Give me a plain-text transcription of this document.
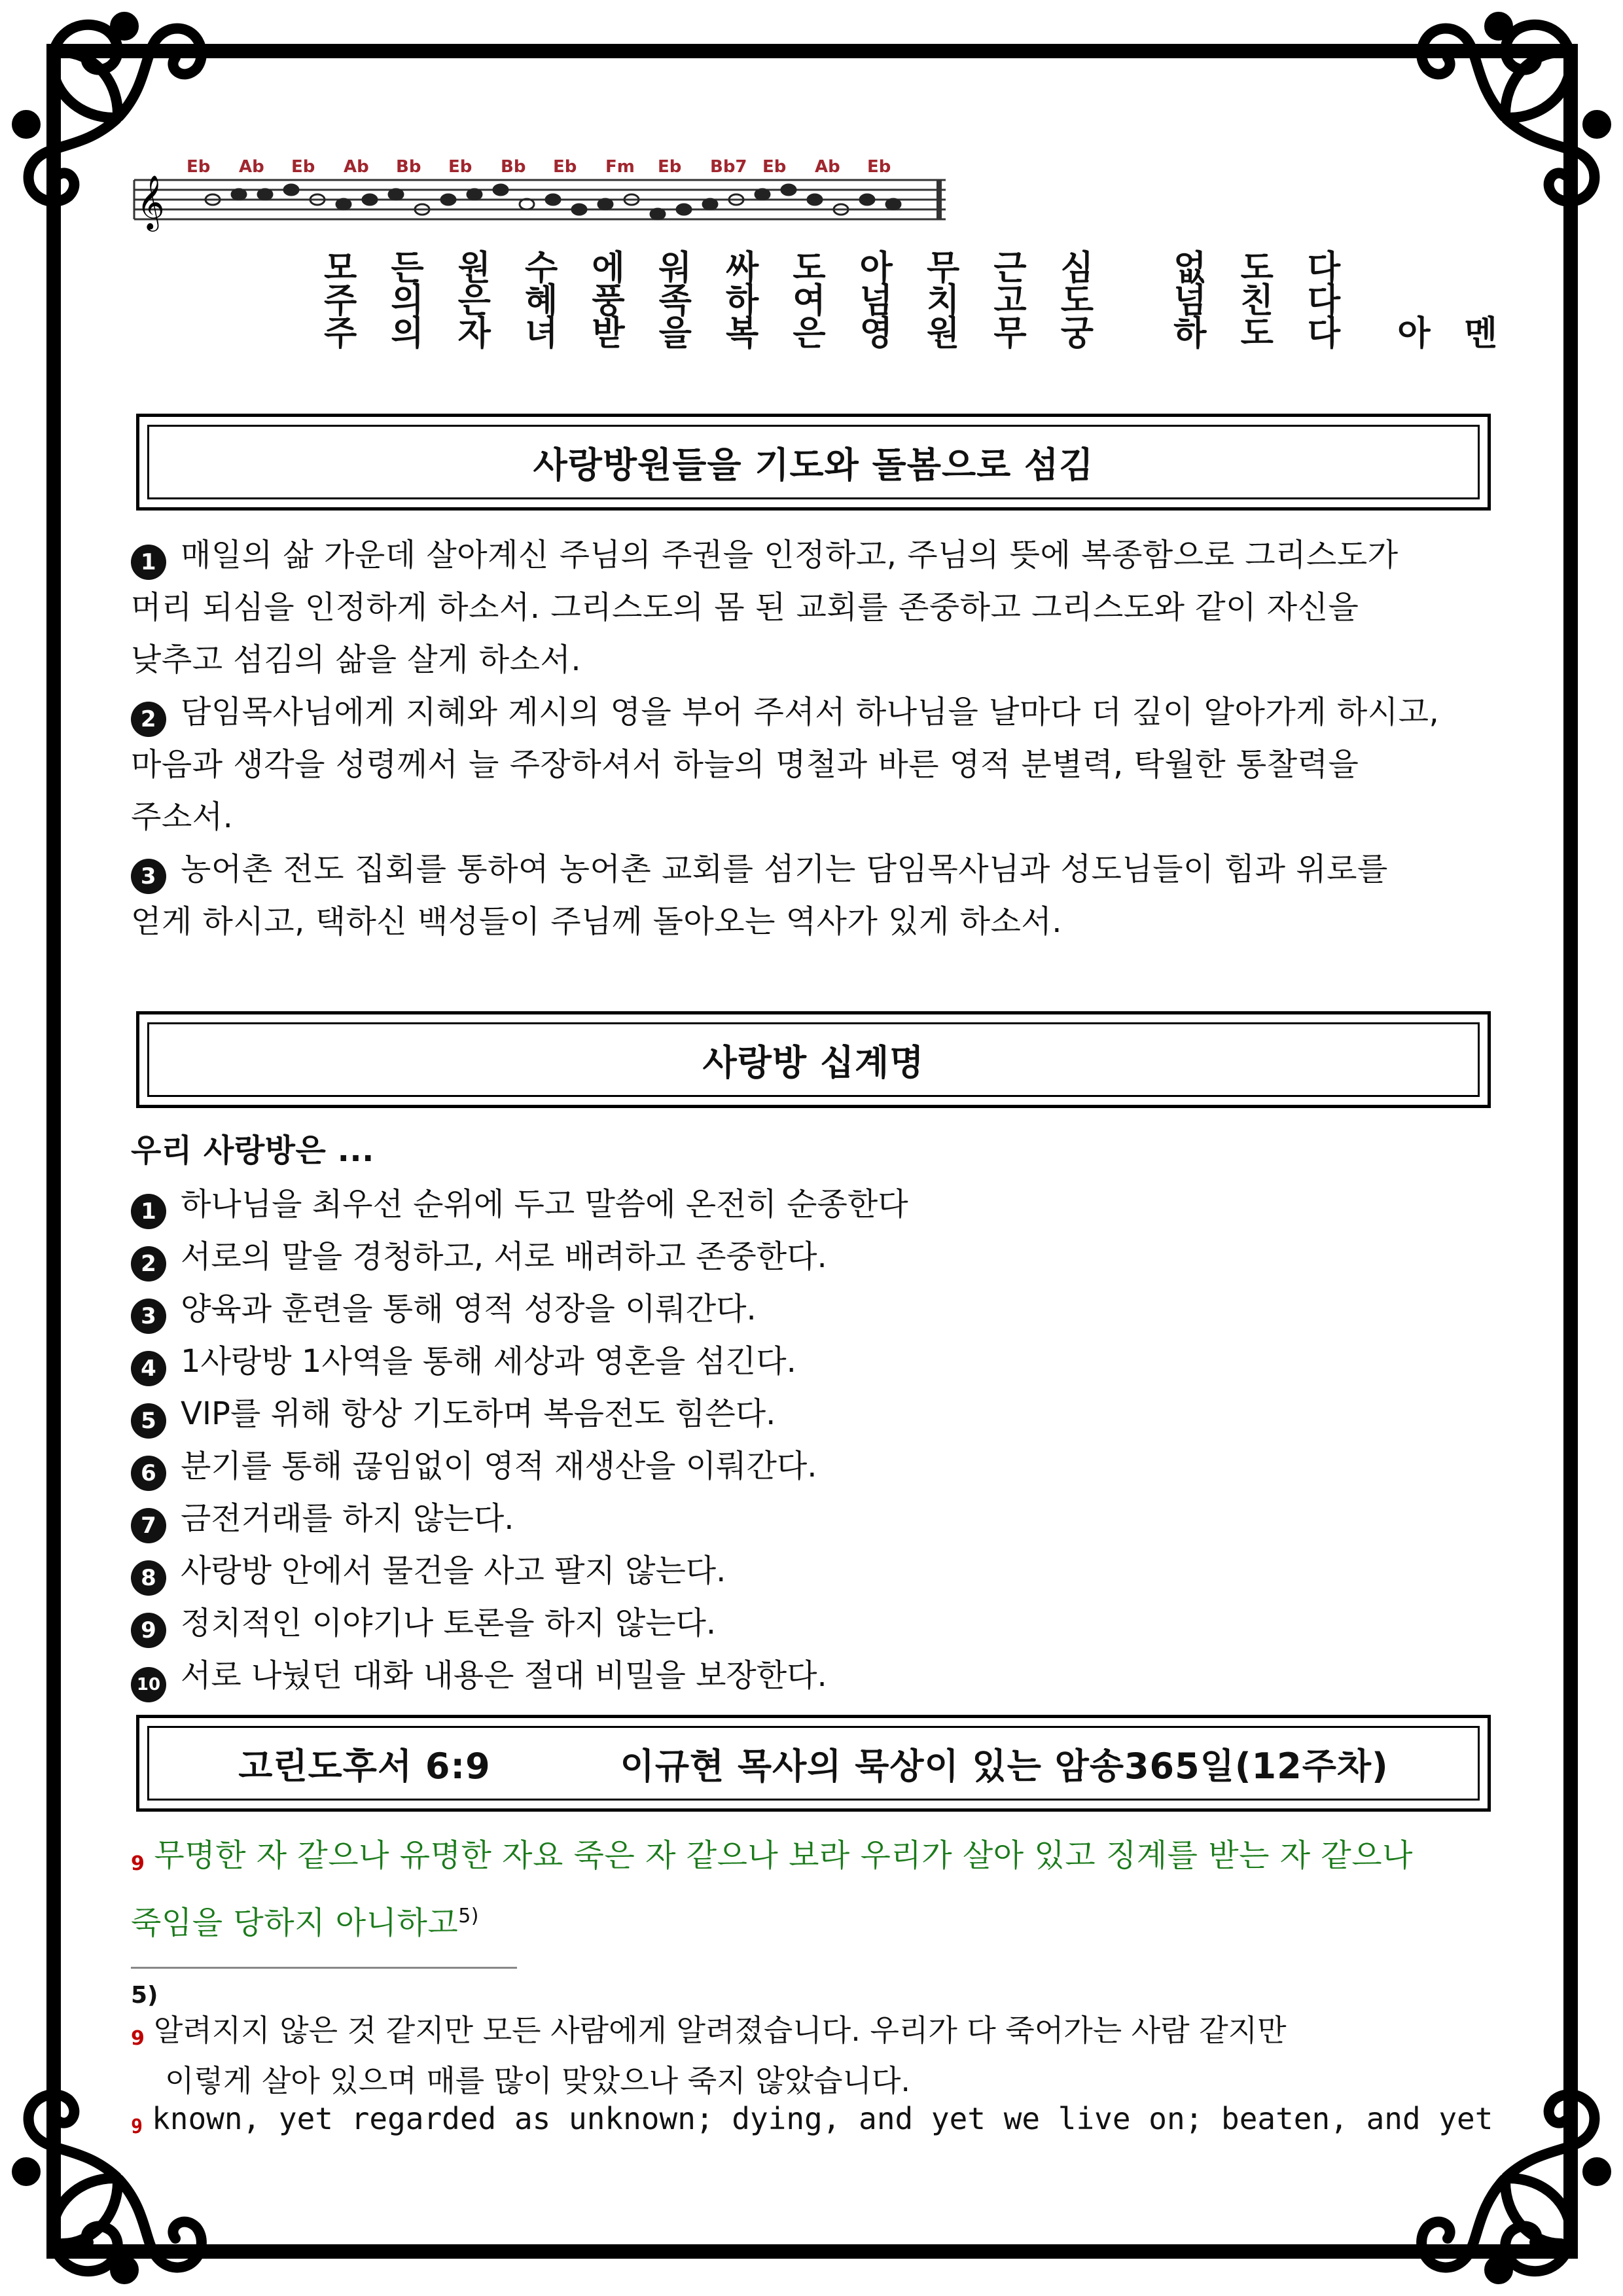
𝄞
Eb Ab Eb Ab Bb Eb Bb Eb Fm Eb Bb7 Eb Ab Eb
모 든 원 수 에 워 싸 도 아 무 근 심   없 도 다
주 의 은 혜 풍 족 하 여 넘 치 고 도   넘 친 다
주 의 자 녀 받 을 복 은 영 원 무 궁   하 도 다  아 멘
사랑방원들을 기도와 돌봄으로 섬김
1 매일의 삶 가운데 살아계신 주님의 주권을 인정하고, 주님의 뜻에 복종함으로 그리스도가
머리 되심을 인정하게 하소서. 그리스도의 몸 된 교회를 존중하고 그리스도와 같이 자신을
낮추고 섬김의 삶을 살게 하소서.
2 담임목사님에게 지혜와 계시의 영을 부어 주셔서 하나님을 날마다 더 깊이 알아가게 하시고,
마음과 생각을 성령께서 늘 주장하셔서 하늘의 명철과 바른 영적 분별력, 탁월한 통찰력을
주소서.
3 농어촌 전도 집회를 통하여 농어촌 교회를 섬기는 담임목사님과 성도님들이 힘과 위로를
얻게 하시고, 택하신 백성들이 주님께 돌아오는 역사가 있게 하소서.
사랑방 십계명
우리 사랑방은 ...
1 하나님을 최우선 순위에 두고 말씀에 온전히 순종한다
2 서로의 말을 경청하고, 서로 배려하고 존중한다.
3 양육과 훈련을 통해 영적 성장을 이뤄간다.
4 1사랑방 1사역을 통해 세상과 영혼을 섬긴다.
5 VIP를 위해 항상 기도하며 복음전도 힘쓴다.
6 분기를 통해 끊임없이 영적 재생산을 이뤄간다.
7 금전거래를 하지 않는다.
8 사랑방 안에서 물건을 사고 팔지 않는다.
9 정치적인 이야기나 토론을 하지 않는다.
10 서로 나눴던 대화 내용은 절대 비밀을 보장한다.
고린도후서 6:9          이규현 목사의 묵상이 있는 암송365일(12주차)
9 무명한 자 같으나 유명한 자요 죽은 자 같으나 보라 우리가 살아 있고 징계를 받는 자 같으나
죽임을 당하지 아니하고$^{5)}$
5)
9 알려지지 않은 것 같지만 모든 사람에게 알려졌습니다. 우리가 다 죽어가는 사람 같지만
이렇게 살아 있으며 매를 많이 맞았으나 죽지 않았습니다.
9 known, yet regarded as unknown; dying, and yet we live on; beaten, and yet
